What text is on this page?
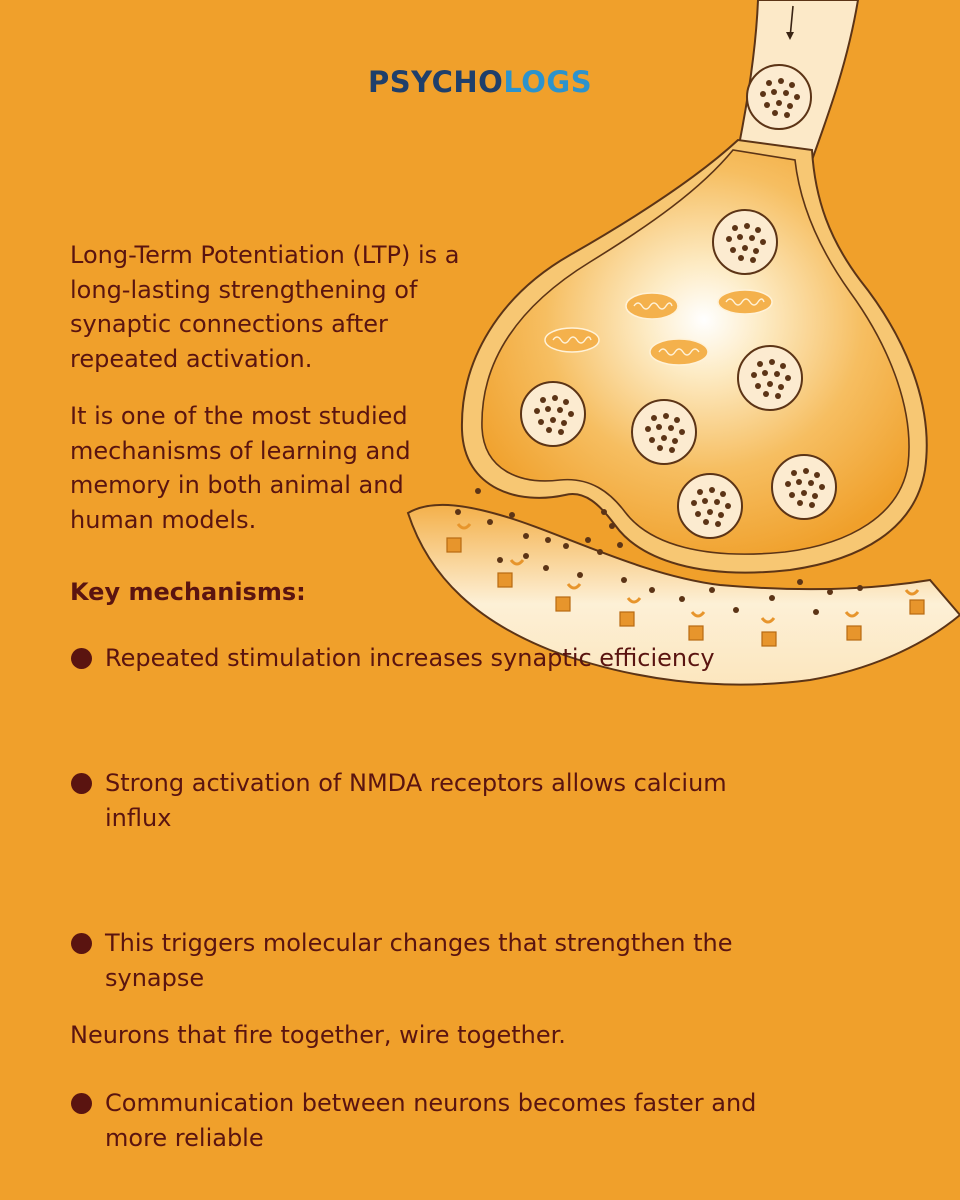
PSYCHOLOGS

Long-Term Potentiation (LTP) is a long-lasting strengthening of synaptic connections after repeated activation.

It is one of the most studied mechanisms of learning and memory in both animal and human models.

Key mechanisms:

Repeated stimulation increases synaptic efficiency
Strong activation of NMDA receptors allows calcium influx
This triggers molecular changes that strengthen the synapse
Communication between neurons becomes faster and more reliable

Neurons that fire together, wire together.
